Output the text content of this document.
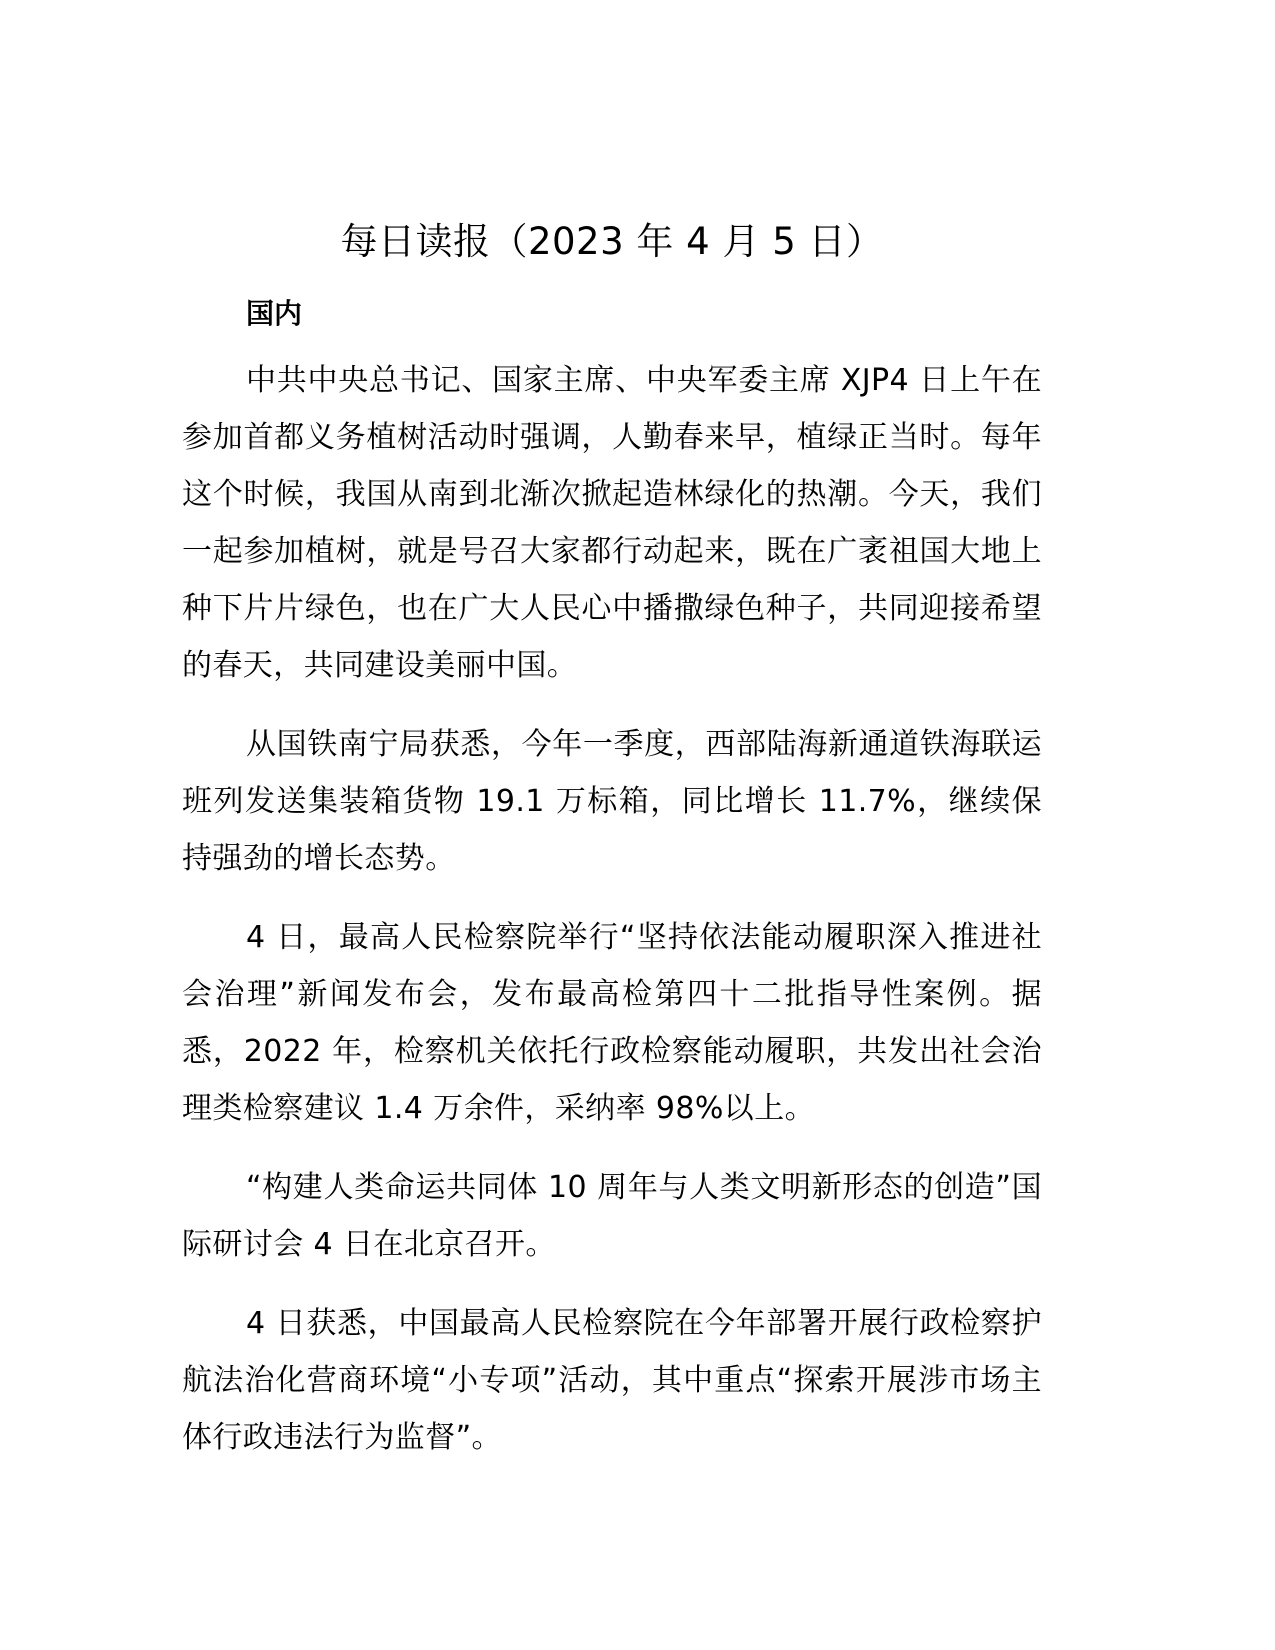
每日读报（2023 年 4 月 5 日）
国内

中共中央总书记、国家主席、中央军委主席 XJP4 日上午在参加首都义务植树活动时强调，人勤春来早，植绿正当时。每年这个时候，我国从南到北渐次掀起造林绿化的热潮。今天，我们一起参加植树，就是号召大家都行动起来，既在广袤祖国大地上种下片片绿色，也在广大人民心中播撒绿色种子，共同迎接希望的春天，共同建设美丽中国。

从国铁南宁局获悉，今年一季度，西部陆海新通道铁海联运班列发送集装箱货物 19.1 万标箱，同比增长 11.7%，继续保持强劲的增长态势。

4 日，最高人民检察院举行“坚持依法能动履职深入推进社会治理”新闻发布会，发布最高检第四十二批指导性案例。据悉，2022 年，检察机关依托行政检察能动履职，共发出社会治理类检察建议 1.4 万余件，采纳率 98%以上。

“构建人类命运共同体 10 周年与人类文明新形态的创造”国际研讨会 4 日在北京召开。

4 日获悉，中国最高人民检察院在今年部署开展行政检察护航法治化营商环境“小专项”活动，其中重点“探索开展涉市场主体行政违法行为监督”。
